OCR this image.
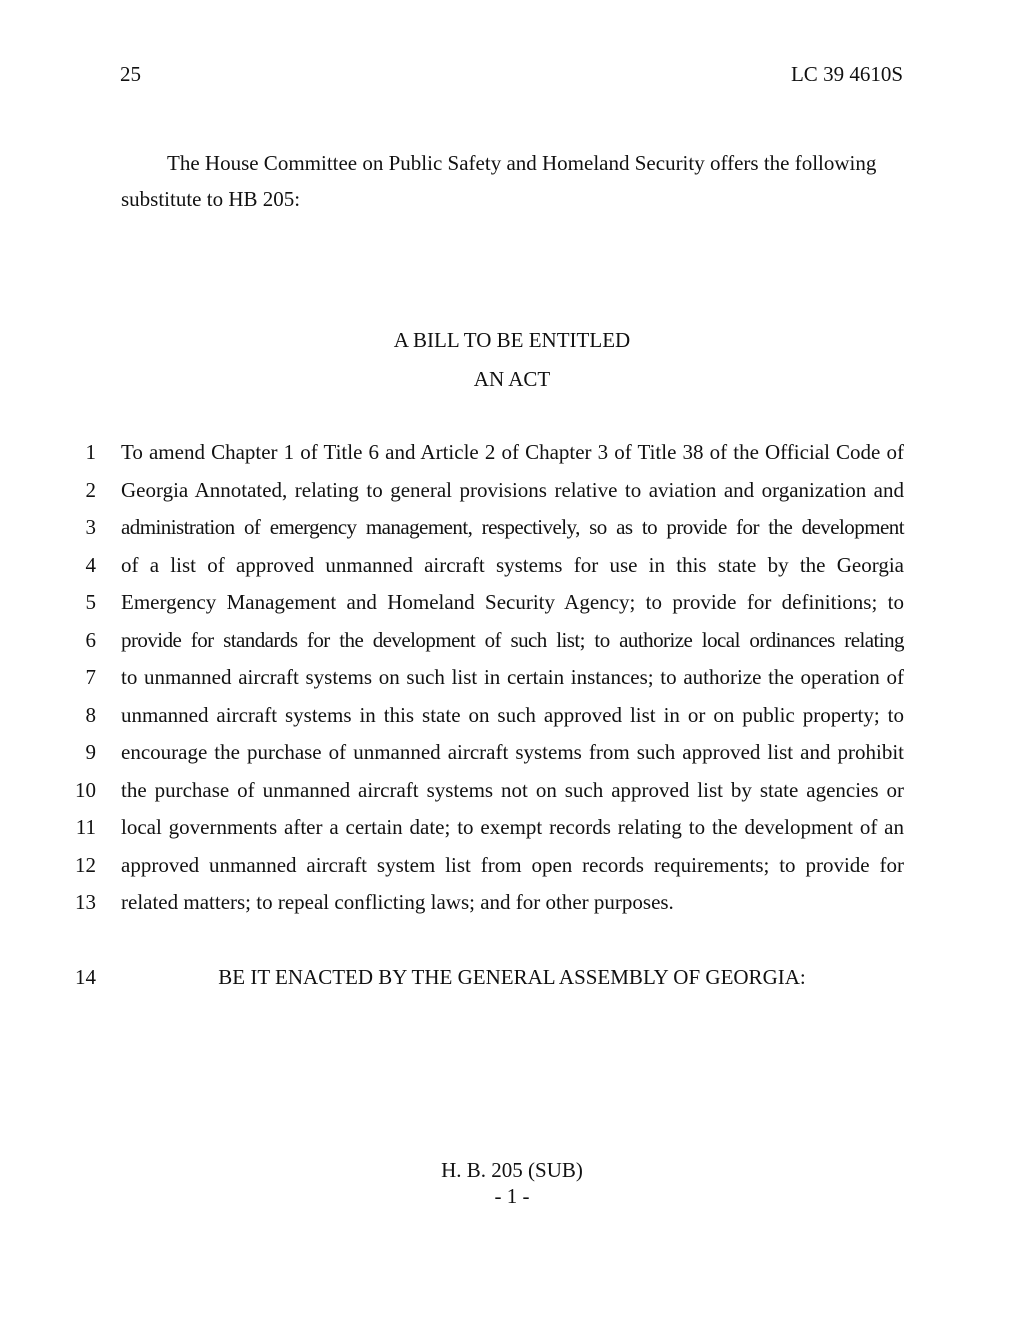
25	LC 39 4610S
The House Committee on Public Safety and Homeland Security offers the following
substitute to HB 205:
A BILL TO BE ENTITLED
AN ACT
1 To amend Chapter 1 of Title 6 and Article 2 of Chapter 3 of Title 38 of the Official Code of
2 Georgia Annotated, relating to general provisions relative to aviation and organization and
3 administration of emergency management, respectively, so as to provide for the development
4 of a list of approved unmanned aircraft systems for use in this state by the Georgia
5 Emergency Management and Homeland Security Agency; to provide for definitions; to
6 provide for standards for the development of such list; to authorize local ordinances relating
7 to unmanned aircraft systems on such list in certain instances; to authorize the operation of
8 unmanned aircraft systems in this state on such approved list in or on public property; to
9 encourage the purchase of unmanned aircraft systems from such approved list and prohibit
10 the purchase of unmanned aircraft systems not on such approved list by state agencies or
11 local governments after a certain date; to exempt records relating to the development of an
12 approved unmanned aircraft system list from open records requirements; to provide for
13 related matters; to repeal conflicting laws; and for other purposes.
14	BE IT ENACTED BY THE GENERAL ASSEMBLY OF GEORGIA:
H. B. 205 (SUB)
- 1 -
